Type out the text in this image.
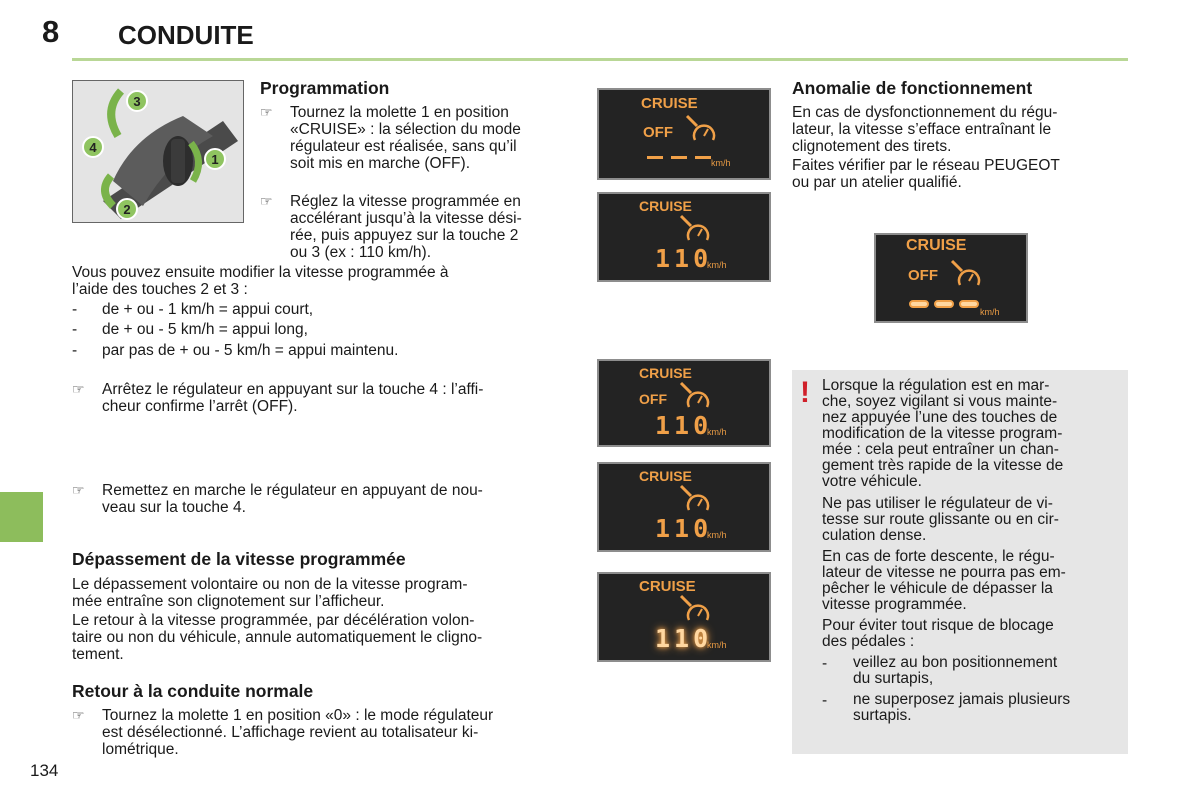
8 CONDUITE
134
3
4
1
2
Programmation
☞ Tournez la molette 1 en position
«CRUISE» : la sélection du mode
régulateur est réalisée, sans qu’il
soit mis en marche (OFF).
☞ Réglez la vitesse programmée en
accélérant jusqu’à la vitesse dési-
rée, puis appuyez sur la touche 2
ou 3 (ex : 110 km/h).
Vous pouvez ensuite modifier la vitesse programmée à
l’aide des touches 2 et 3 :
- de + ou - 1 km/h = appui court,
- de + ou - 5 km/h = appui long,
- par pas de + ou - 5 km/h = appui maintenu.
☞ Arrêtez le régulateur en appuyant sur la touche 4 : l’affi-
cheur confirme l’arrêt (OFF).
☞ Remettez en marche le régulateur en appuyant de nou-
veau sur la touche 4.
Dépassement de la vitesse programmée
Le dépassement volontaire ou non de la vitesse program-
mée entraîne son clignotement sur l’afficheur.
Le retour à la vitesse programmée, par décélération volon-
taire ou non du véhicule, annule automatiquement le cligno-
tement.
Retour à la conduite normale
☞ Tournez la molette 1 en position «0» : le mode régulateur
est désélectionné. L’affichage revient au totalisateur ki-
lométrique.
CRUISE
OFF
km/h
CRUISE
110
km/h
CRUISE
OFF
110
km/h
CRUISE
110
km/h
CRUISE
110
km/h
CRUISE
OFF
km/h
Anomalie de fonctionnement
En cas de dysfonctionnement du régu-
lateur, la vitesse s’efface entraînant le
clignotement des tirets.
Faites vérifier par le réseau PEUGEOT
ou par un atelier qualifié.
! Lorsque la régulation est en mar-
che, soyez vigilant si vous mainte-
nez appuyée l’une des touches de
modification de la vitesse program-
mée : cela peut entraîner un chan-
gement très rapide de la vitesse de
votre véhicule.
Ne pas utiliser le régulateur de vi-
tesse sur route glissante ou en cir-
culation dense.
En cas de forte descente, le régu-
lateur de vitesse ne pourra pas em-
pêcher le véhicule de dépasser la
vitesse programmée.
Pour éviter tout risque de blocage
des pédales :
- veillez au bon positionnement
du surtapis,
- ne superposez jamais plusieurs
surtapis.
